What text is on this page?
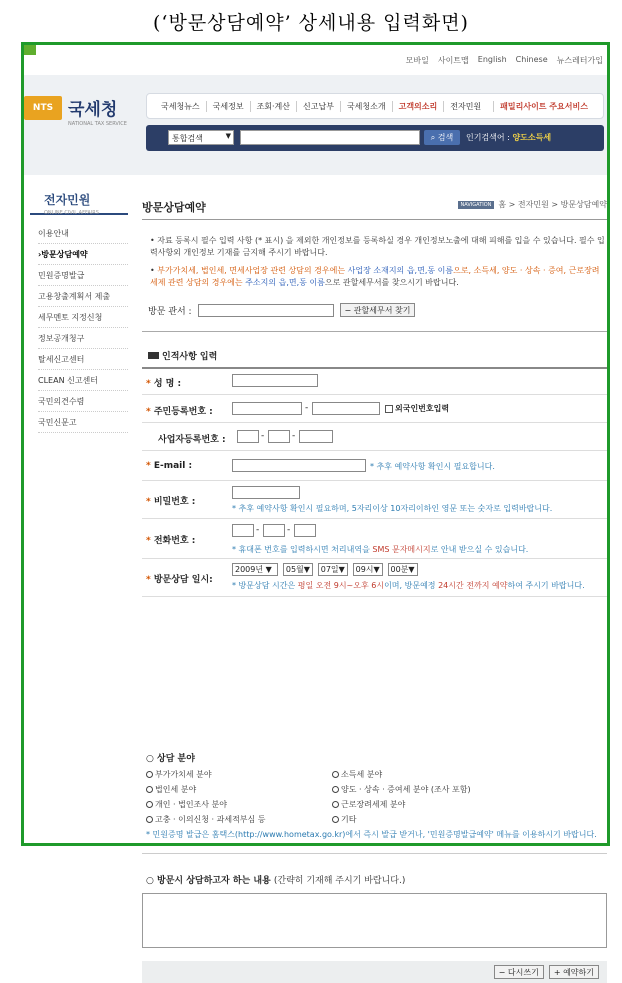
(‘방문상담예약’ 상세내용 입력화면)
모바일 사이트맵 English Chinese 뉴스레터가입
NTS 국세청
NATIONAL TAX SERVICE
국세청뉴스	국세정보	조회·계산	신고납부	국세청소개	고객의소리	전자민원	패밀리사이트 주요서비스
통합검색	▼	⌕
검색 인기검색어 : 양도소득세
전자민원
ONLINE CIVIL AFFAIRS
이용안내
›방문상담예약
민원증명발급
고용창출계획서 제출
세무멘토 지정신청
정보공개청구
탈세신고센터
CLEAN 신고센터
국민의견수렴
국민신문고
방문상담예약	NAVIGATION 홈 > 전자민원 > 방문상담예약

• 자료 등록시 필수 입력 사항 (* 표시) 을 제외한 개인정보를 등록하실 경우 개인정보노출에 대해 피해를 입을 수 있습니다. 필수 입력사항외 개인정보 기재를 금지해 주시기 바랍니다.

• 부가가치세, 법인세, 면세사업장 관련 상담의 경우에는 사업장 소재지의 읍,면,동 이름으로, 소득세, 양도 · 상속 · 증여, 근로장려세제 관련 상담의 경우에는 주소지의 읍,면,동 이름으로 관할세무서를 찾으시기 바랍니다.

방문 관서 :	− 관할세무서 찾기
인적사항 입력
* 성 명 :
* 주민등록번호 :	-	외국인번호입력
사업자등록번호 :	-	-
* E-mail :	* 추후 예약사항 확인시 필요합니다.
* 비밀번호 :
* 추후 예약사항 확인시 필요하며, 5자리이상 10자리이하인 영문 또는 숫자로 입력바랍니다.
* 전화번호 :
-	-
* 휴대폰 번호를 입력하시면 처리내역을 SMS 문자메시지로 안내 받으실 수 있습니다.
* 방문상담 일시:
2009년 ▼ 05월▼ 07일▼ 09시▼ 00분▼
* 방문상담 시간은 평일 오전 9시~오후 6시이며, 방문예정 24시간 전까지 예약하여 주시기 바랍니다.
○ 상담 분야
부가가치세 분야	소득세 분야
법인세 분야	양도 · 상속 · 증여세 분야 (조사 포함)
개인 · 법인조사 분야	근로장려세제 분야
고충 · 이의신청 · 과세적부심 등	기타
* 민원증명 발급은 홈택스(http://www.hometax.go.kr)에서 즉시 발급 받거나, '민원증명발급예약' 메뉴를 이용하시기 바랍니다.
○ 방문시 상담하고자 하는 내용 (간략히 기재해 주시기 바랍니다.)
− 다시쓰기	+ 예약하기
